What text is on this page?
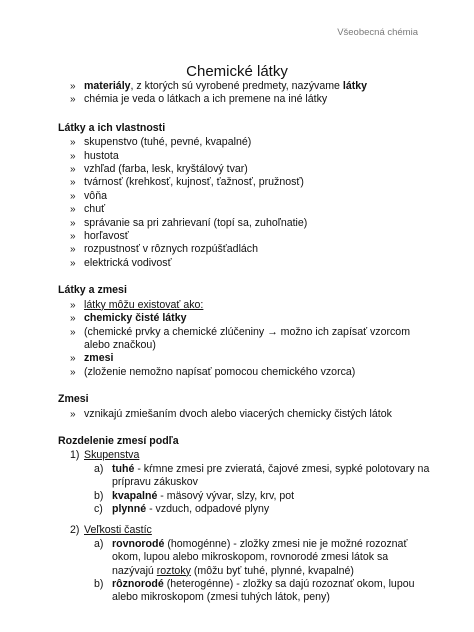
Všeobecná chémia
Chemické látky
» materiály, z ktorých sú vyrobené predmety, nazývame látky
» chémia je veda o látkach a ich premene na iné látky
Látky a ich vlastnosti
» skupenstvo (tuhé, pevné, kvapalné)
» hustota
» vzhľad (farba, lesk, kryštálový tvar)
» tvárnosť (krehkosť, kujnosť, ťažnosť, pružnosť)
» vôňa
» chuť
» správanie sa pri zahrievaní (topí sa, zuhoľnatie)
» horľavosť
» rozpustnosť v rôznych rozpúšťadlách
» elektrická vodivosť
Látky a zmesi
» látky môžu existovať ako:
» chemicky čisté látky
» (chemické prvky a chemické zlúčeniny → možno ich zapísať vzorcom
alebo značkou)
» zmesi
» (zloženie nemožno napísať pomocou chemického vzorca)
Zmesi
» vznikajú zmiešaním dvoch alebo viacerých chemicky čistých látok
Rozdelenie zmesí podľa
1) Skupenstva
a) tuhé - kŕmne zmesi pre zvieratá, čajové zmesi, sypké polotovary na
prípravu zákuskov
b) kvapalné - mäsový vývar, slzy, krv, pot
c) plynné - vzduch, odpadové plyny
2) Veľkosti častíc
a) rovnorodé (homogénne) - zložky zmesi nie je možné rozoznať
okom, lupou alebo mikroskopom, rovnorodé zmesi látok sa
nazývajú roztoky (môžu byť tuhé, plynné, kvapalné)
b) rôznorodé (heterogénne) - zložky sa dajú rozoznať okom, lupou
alebo mikroskopom (zmesi tuhých látok, peny)
